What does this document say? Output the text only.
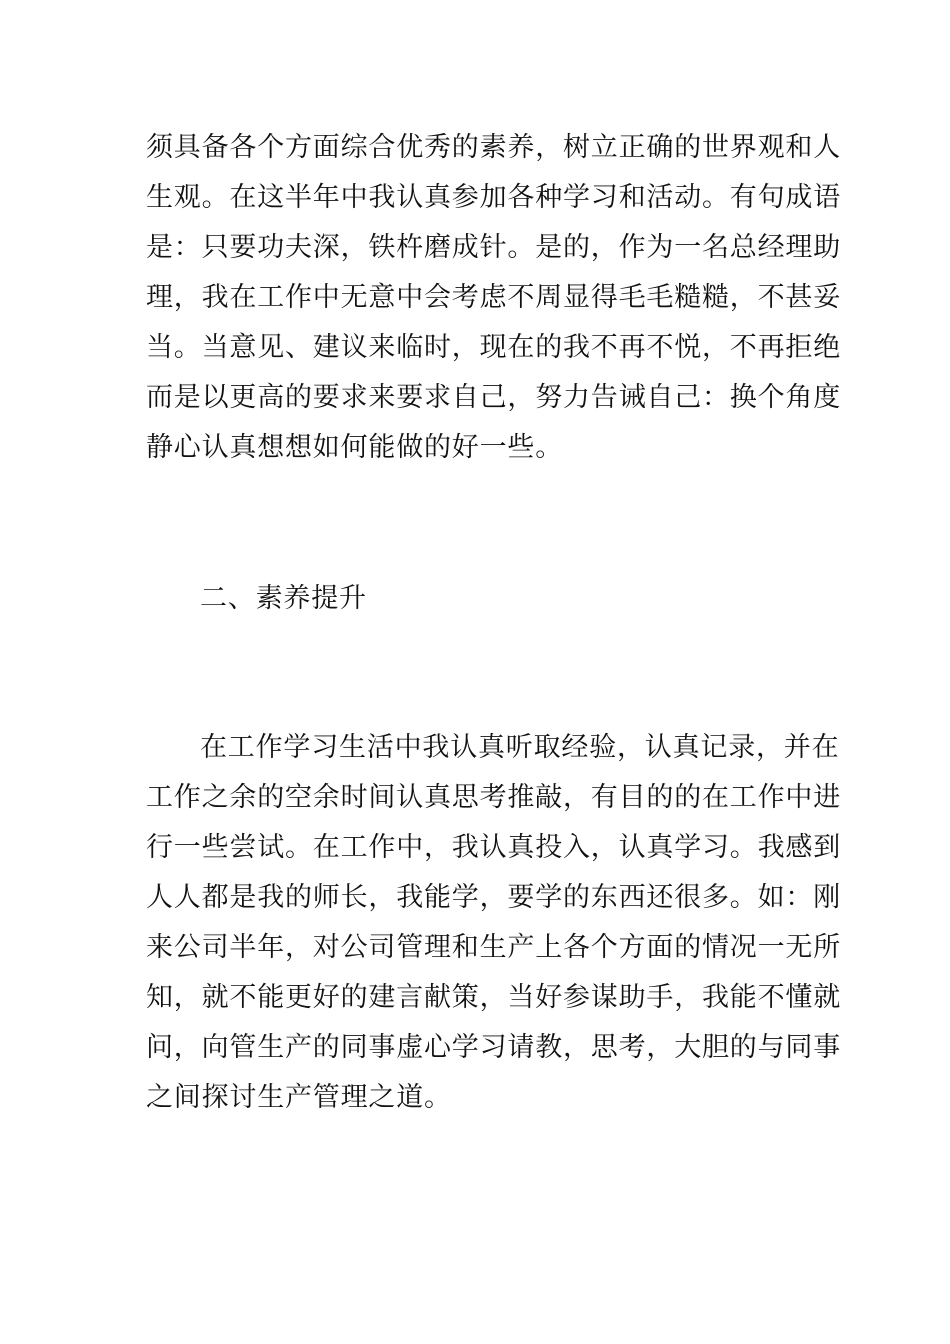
须具备各个方面综合优秀的素养，树立正确的世界观和人
生观。在这半年中我认真参加各种学习和活动。有句成语
是：只要功夫深，铁杵磨成针。是的，作为一名总经理助
理，我在工作中无意中会考虑不周显得毛毛糙糙，不甚妥
当。当意见、建议来临时，现在的我不再不悦，不再拒绝
而是以更高的要求来要求自己，努力告诫自己：换个角度
静心认真想想如何能做的好一些。
二、素养提升
在工作学习生活中我认真听取经验，认真记录，并在
工作之余的空余时间认真思考推敲，有目的的在工作中进
行一些尝试。在工作中，我认真投入，认真学习。我感到
人人都是我的师长，我能学，要学的东西还很多。如：刚
来公司半年，对公司管理和生产上各个方面的情况一无所
知，就不能更好的建言献策，当好参谋助手，我能不懂就
问，向管生产的同事虚心学习请教，思考，大胆的与同事
之间探讨生产管理之道。
